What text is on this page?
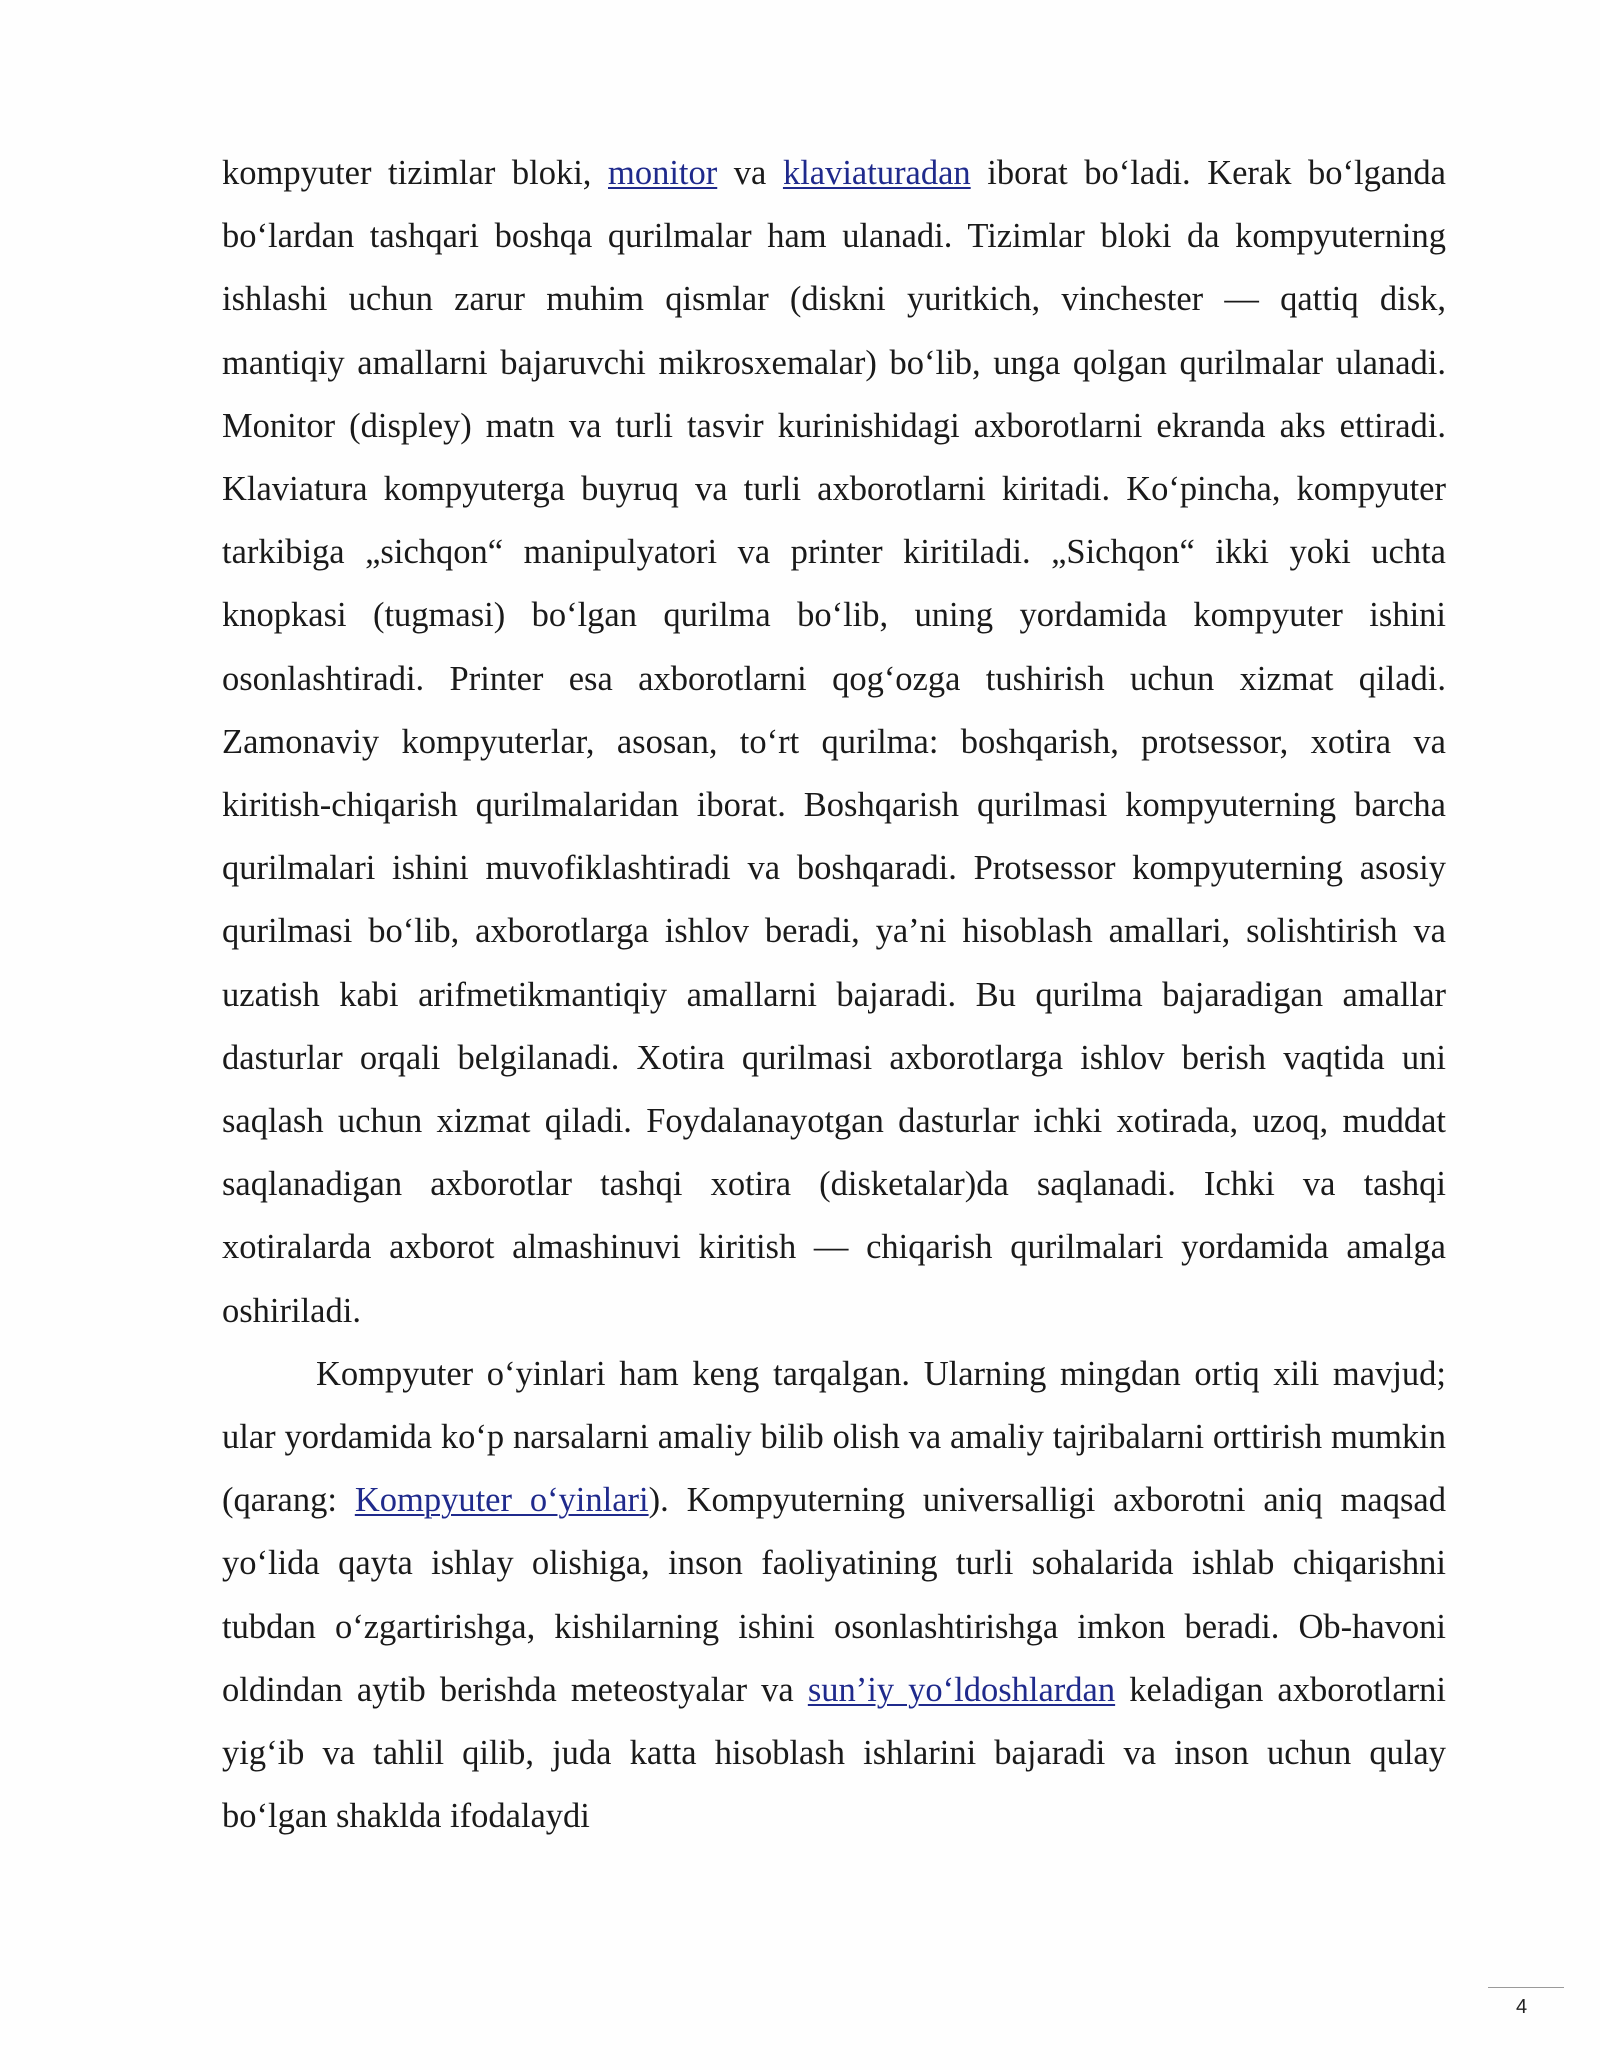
kompyuter tizimlar bloki, monitor va klaviaturadan iborat bo‘ladi. Kerak bo‘lganda bo‘lardan tashqari boshqa qurilmalar ham ulanadi. Tizimlar bloki da kompyuterning ishlashi uchun zarur muhim qismlar (diskni yuritkich, vinchester — qattiq disk, mantiqiy amallarni bajaruvchi mikrosxemalar) bo‘lib, unga qolgan qurilmalar ulanadi. Monitor (displey) matn va turli tasvir kurinishidagi axborotlarni ekranda aks ettiradi. Klaviatura kompyuterga buyruq va turli axborotlarni kiritadi. Ko‘pincha, kompyuter tarkibiga „sichqon“ manipulyatori va printer kiritiladi. „Sichqon“ ikki yoki uchta knopkasi (tugmasi) bo‘lgan qurilma bo‘lib, uning yordamida kompyuter ishini osonlashtiradi. Printer esa axborotlarni qog‘ozga tushirish uchun xizmat qiladi. Zamonaviy kompyuterlar, asosan, to‘rt qurilma: boshqarish, protsessor, xotira va kiritish-chiqarish qurilmalaridan iborat. Boshqarish qurilmasi kompyuterning barcha qurilmalari ishini muvofiklashtiradi va boshqaradi. Protsessor kompyuterning asosiy qurilmasi bo‘lib, axborotlarga ishlov beradi, ya’ni hisoblash amallari, solishtirish va uzatish kabi arifmetikmantiqiy amallarni bajaradi. Bu qurilma bajaradigan amallar dasturlar orqali belgilanadi. Xotira qurilmasi axborotlarga ishlov berish vaqtida uni saqlash uchun xizmat qiladi. Foydalanayotgan dasturlar ichki xotirada, uzoq, muddat saqlanadigan axborotlar tashqi xotira (disketalar)da saqlanadi. Ichki va tashqi xotiralarda axborot almashinuvi kiritish — chiqarish qurilmalari yordamida amalga oshiriladi.

Kompyuter o‘yinlari ham keng tarqalgan. Ularning mingdan ortiq xili mavjud; ular yordamida ko‘p narsalarni amaliy bilib olish va amaliy tajribalarni orttirish mumkin (qarang: Kompyuter o‘yinlari). Kompyuterning universalligi axborotni aniq maqsad yo‘lida qayta ishlay olishiga, inson faoliyatining turli sohalarida ishlab chiqarishni tubdan o‘zgartirishga, kishilarning ishini osonlashtirishga imkon beradi. Ob-havoni oldindan aytib berishda meteostyalar va sun’iy yo‘ldoshlardan keladigan axborotlarni yig‘ib va tahlil qilib, juda katta hisoblash ishlarini bajaradi va inson uchun qulay bo‘lgan shaklda ifodalaydi

4
